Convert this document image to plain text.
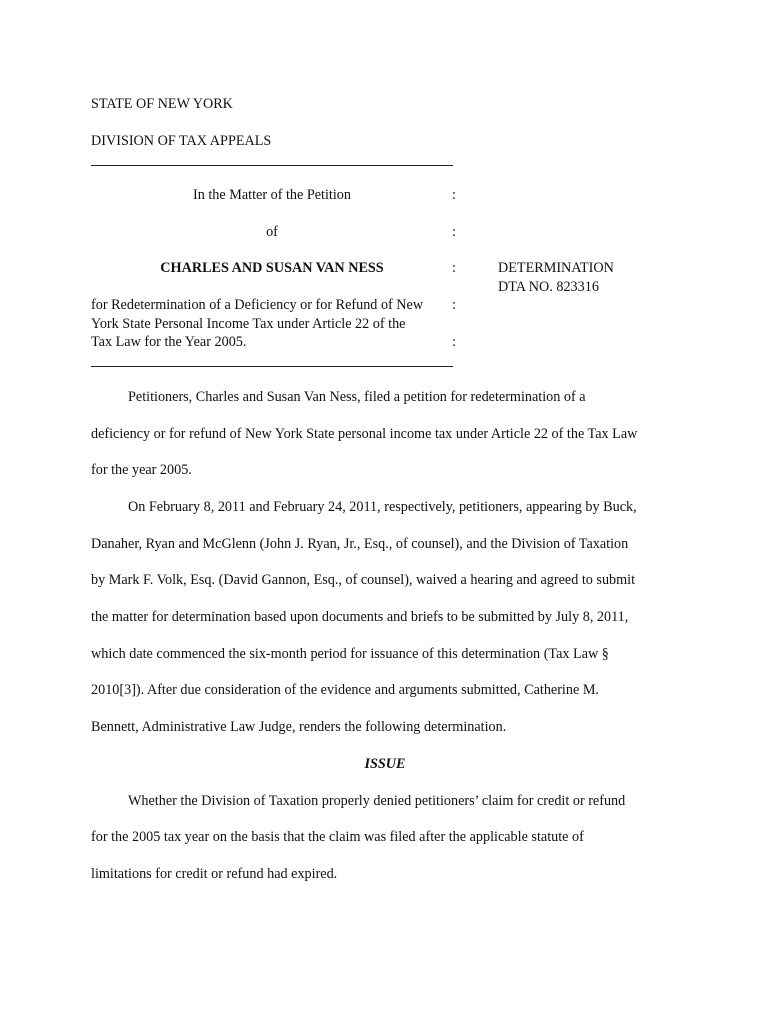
STATE OF NEW YORK
DIVISION OF TAX APPEALS
In the Matter of the Petition	:
of	:
CHARLES AND SUSAN VAN NESS	:	DETERMINATION
DTA NO. 823316
for Redetermination of a Deficiency or for Refund of New :
York State Personal Income Tax under Article 22 of the
Tax Law for the Year 2005.	:
Petitioners, Charles and Susan Van Ness, filed a petition for redetermination of a
deficiency or for refund of New York State personal income tax under Article 22 of the Tax Law
for the year 2005.
On February 8, 2011 and February 24, 2011, respectively, petitioners, appearing by Buck,
Danaher, Ryan and McGlenn (John J. Ryan, Jr., Esq., of counsel), and the Division of Taxation
by Mark F. Volk, Esq. (David Gannon, Esq., of counsel), waived a hearing and agreed to submit
the matter for determination based upon documents and briefs to be submitted by July 8, 2011,
which date commenced the six-month period for issuance of this determination (Tax Law §
2010[3]). After due consideration of the evidence and arguments submitted, Catherine M.
Bennett, Administrative Law Judge, renders the following determination.
ISSUE
Whether the Division of Taxation properly denied petitioners’ claim for credit or refund
for the 2005 tax year on the basis that the claim was filed after the applicable statute of
limitations for credit or refund had expired.
